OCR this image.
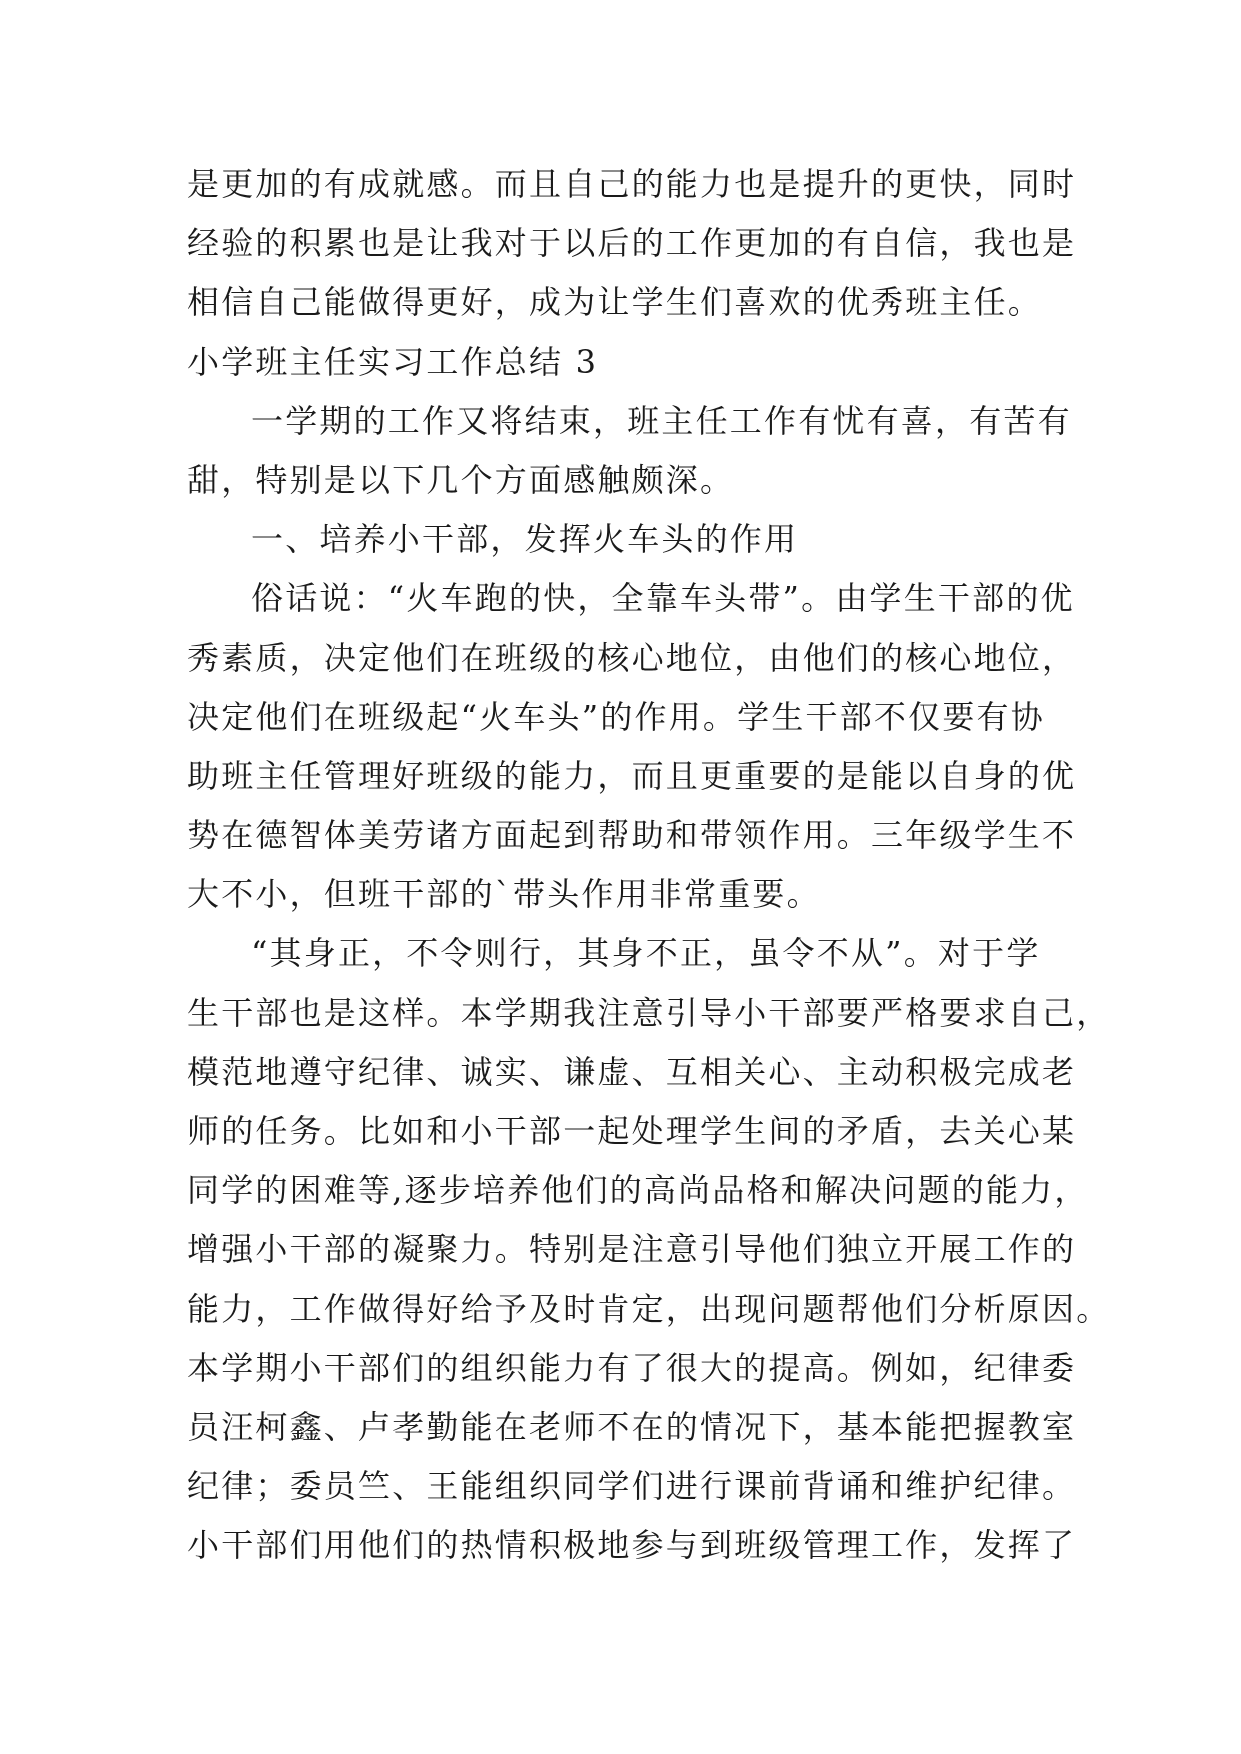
是更加的有成就感。而且自己的能力也是提升的更快，同时
经验的积累也是让我对于以后的工作更加的有自信，我也是
相信自己能做得更好，成为让学生们喜欢的优秀班主任。
小学班主任实习工作总结 3
一学期的工作又将结束，班主任工作有忧有喜，有苦有
甜，特别是以下几个方面感触颇深。
一、培养小干部，发挥火车头的作用
俗话说：“火车跑的快，全靠车头带”。由学生干部的优
秀素质，决定他们在班级的核心地位，由他们的核心地位，
决定他们在班级起“火车头”的作用。学生干部不仅要有协
助班主任管理好班级的能力，而且更重要的是能以自身的优
势在德智体美劳诸方面起到帮助和带领作用。三年级学生不
大不小，但班干部的`带头作用非常重要。
“其身正，不令则行，其身不正，虽令不从”。对于学
生干部也是这样。本学期我注意引导小干部要严格要求自己，
模范地遵守纪律、诚实、谦虚、互相关心、主动积极完成老
师的任务。比如和小干部一起处理学生间的矛盾，去关心某
同学的困难等,逐步培养他们的高尚品格和解决问题的能力，
增强小干部的凝聚力。特别是注意引导他们独立开展工作的
能力，工作做得好给予及时肯定，出现问题帮他们分析原因。
本学期小干部们的组织能力有了很大的提高。例如，纪律委
员汪柯鑫、卢孝勤能在老师不在的情况下，基本能把握教室
纪律；委员竺、王能组织同学们进行课前背诵和维护纪律。
小干部们用他们的热情积极地参与到班级管理工作，发挥了
